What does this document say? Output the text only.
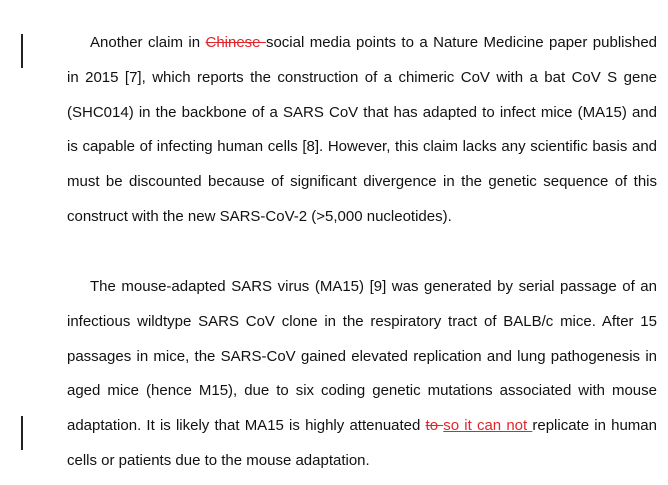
Another claim in Chinese social media points to a Nature Medicine paper published in 2015 [7], which reports the construction of a chimeric CoV with a bat CoV S gene (SHC014) in the backbone of a SARS CoV that has adapted to infect mice (MA15) and is capable of infecting human cells [8]. However, this claim lacks any scientific basis and must be discounted because of significant divergence in the genetic sequence of this construct with the new SARS-CoV-2 (>5,000 nucleotides).

The mouse-adapted SARS virus (MA15) [9] was generated by serial passage of an infectious wildtype SARS CoV clone in the respiratory tract of BALB/c mice. After 15 passages in mice, the SARS-CoV gained elevated replication and lung pathogenesis in aged mice (hence M15), due to six coding genetic mutations associated with mouse adaptation. It is likely that MA15 is highly attenuated to so it can not replicate in human cells or patients due to the mouse adaptation.
